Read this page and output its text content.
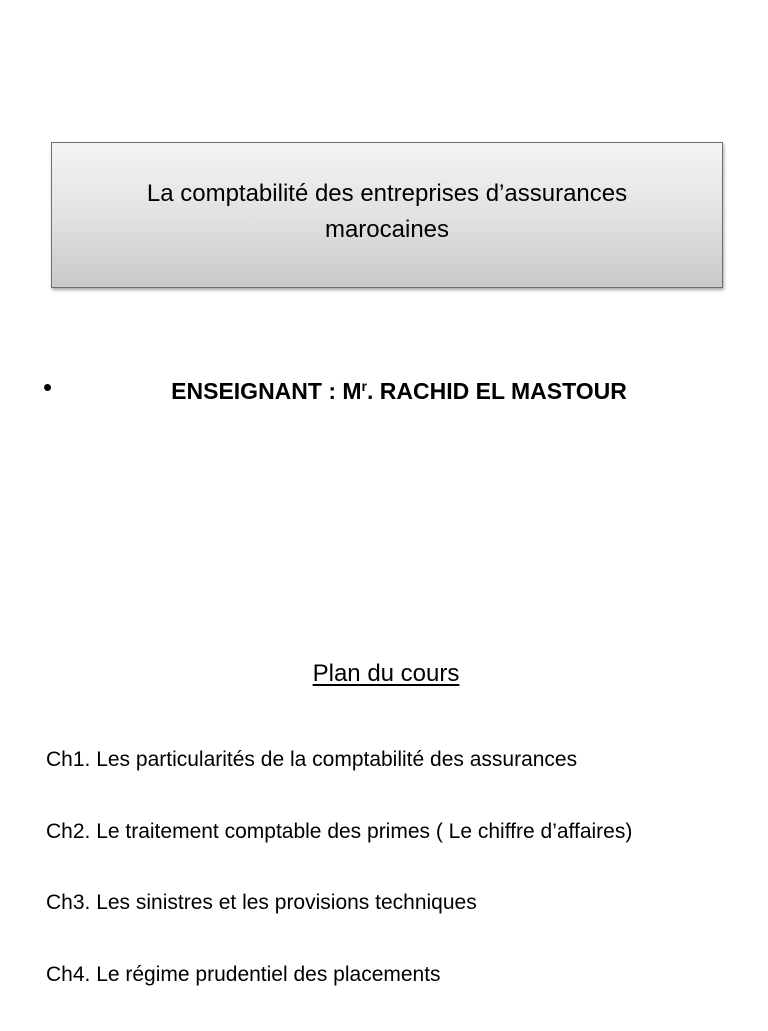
La comptabilité des entreprises d’assurances
marocaines
•	ENSEIGNANT : $M^r$. RACHID EL MASTOUR
Plan du cours
Ch1. Les particularités de la comptabilité des assurances
Ch2. Le traitement comptable des primes ( Le chiffre d’affaires)
Ch3. Les sinistres et les provisions techniques
Ch4. Le régime prudentiel des placements
